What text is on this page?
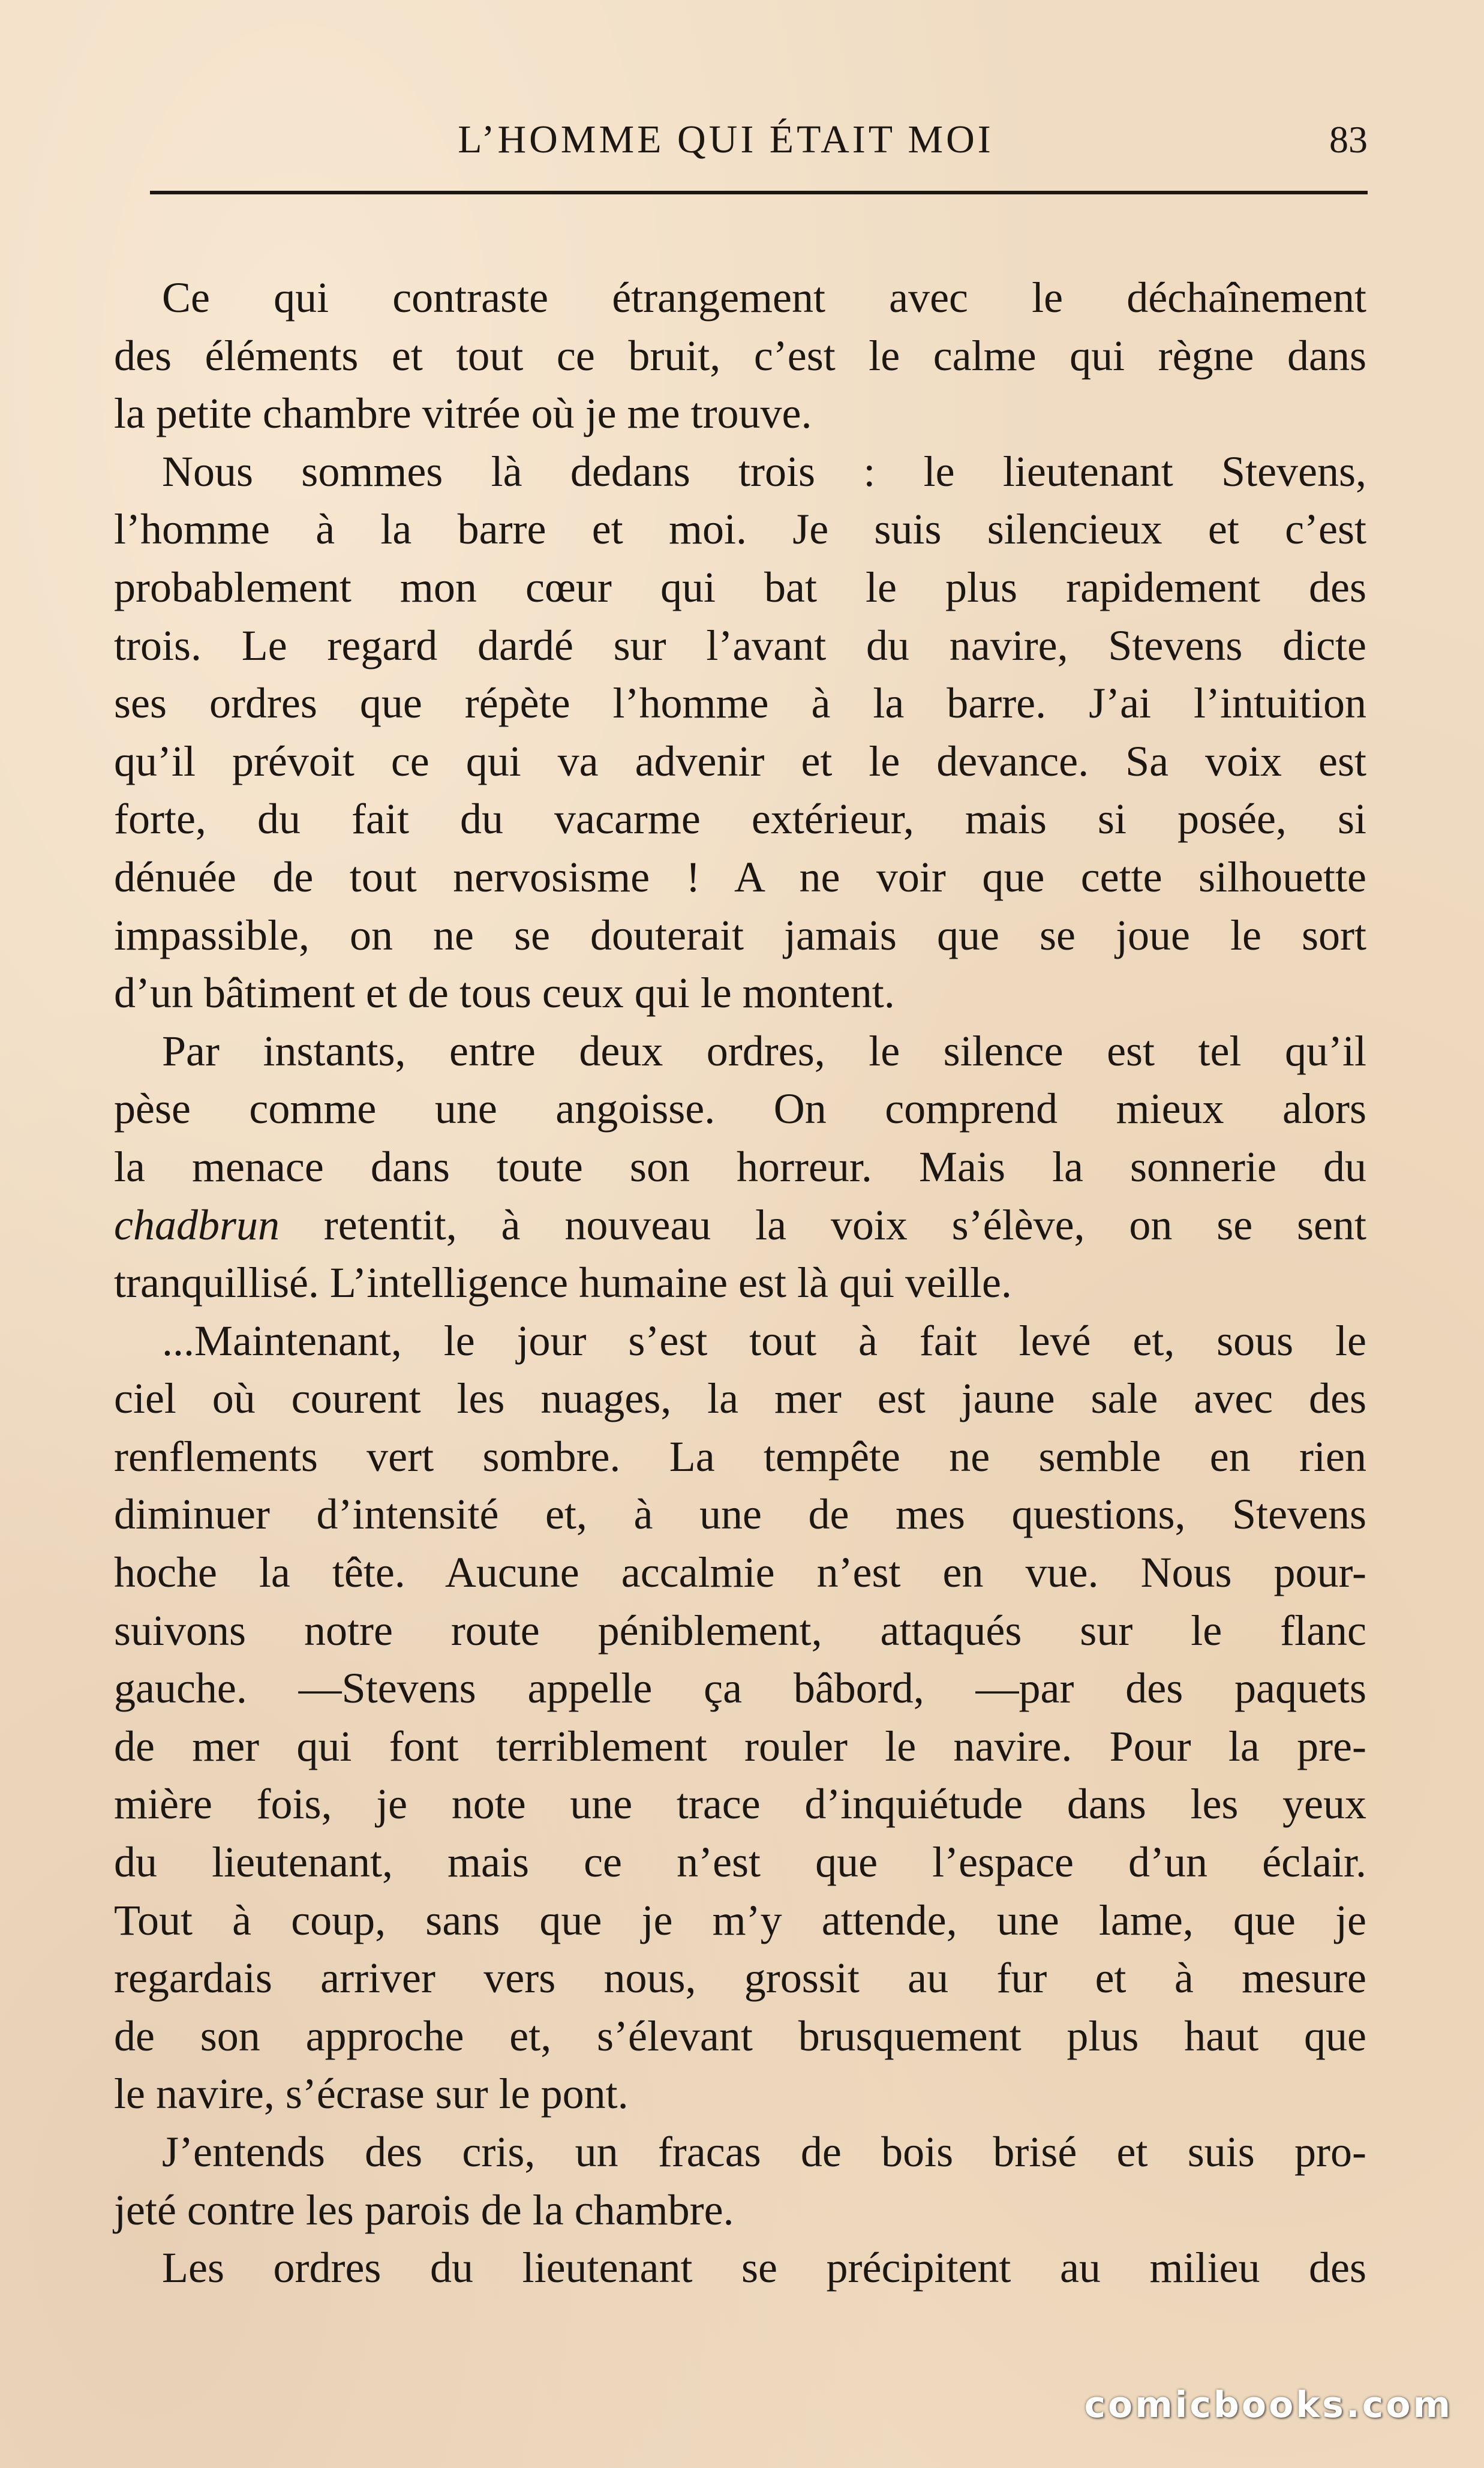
L’HOMME QUI ÉTAIT MOI	83
Ce qui contraste étrangement avec le déchaînement
des éléments et tout ce bruit, c’est le calme qui règne dans
la petite chambre vitrée où je me trouve.
Nous sommes là dedans trois : le lieutenant Stevens,
l’homme à la barre et moi. Je suis silencieux et c’est
probablement mon cœur qui bat le plus rapidement des
trois. Le regard dardé sur l’avant du navire, Stevens dicte
ses ordres que répète l’homme à la barre. J’ai l’intuition
qu’il prévoit ce qui va advenir et le devance. Sa voix est
forte, du fait du vacarme extérieur, mais si posée, si
dénuée de tout nervosisme ! A ne voir que cette silhouette
impassible, on ne se douterait jamais que se joue le sort
d’un bâtiment et de tous ceux qui le montent.
Par instants, entre deux ordres, le silence est tel qu’il
pèse comme une angoisse. On comprend mieux alors
la menace dans toute son horreur. Mais la sonnerie du
chadbrun retentit, à nouveau la voix s’élève, on se sent
tranquillisé. L’intelligence humaine est là qui veille.
...Maintenant, le jour s’est tout à fait levé et, sous le
ciel où courent les nuages, la mer est jaune sale avec des
renflements vert sombre. La tempête ne semble en rien
diminuer d’intensité et, à une de mes questions, Stevens
hoche la tête. Aucune accalmie n’est en vue. Nous pour-
suivons notre route péniblement, attaqués sur le flanc
gauche. —Stevens appelle ça bâbord, —par des paquets
de mer qui font terriblement rouler le navire. Pour la pre-
mière fois, je note une trace d’inquiétude dans les yeux
du lieutenant, mais ce n’est que l’espace d’un éclair.
Tout à coup, sans que je m’y attende, une lame, que je
regardais arriver vers nous, grossit au fur et à mesure
de son approche et, s’élevant brusquement plus haut que
le navire, s’écrase sur le pont.
J’entends des cris, un fracas de bois brisé et suis pro-
jeté contre les parois de la chambre.
Les ordres du lieutenant se précipitent au milieu des
comicbooks.com
